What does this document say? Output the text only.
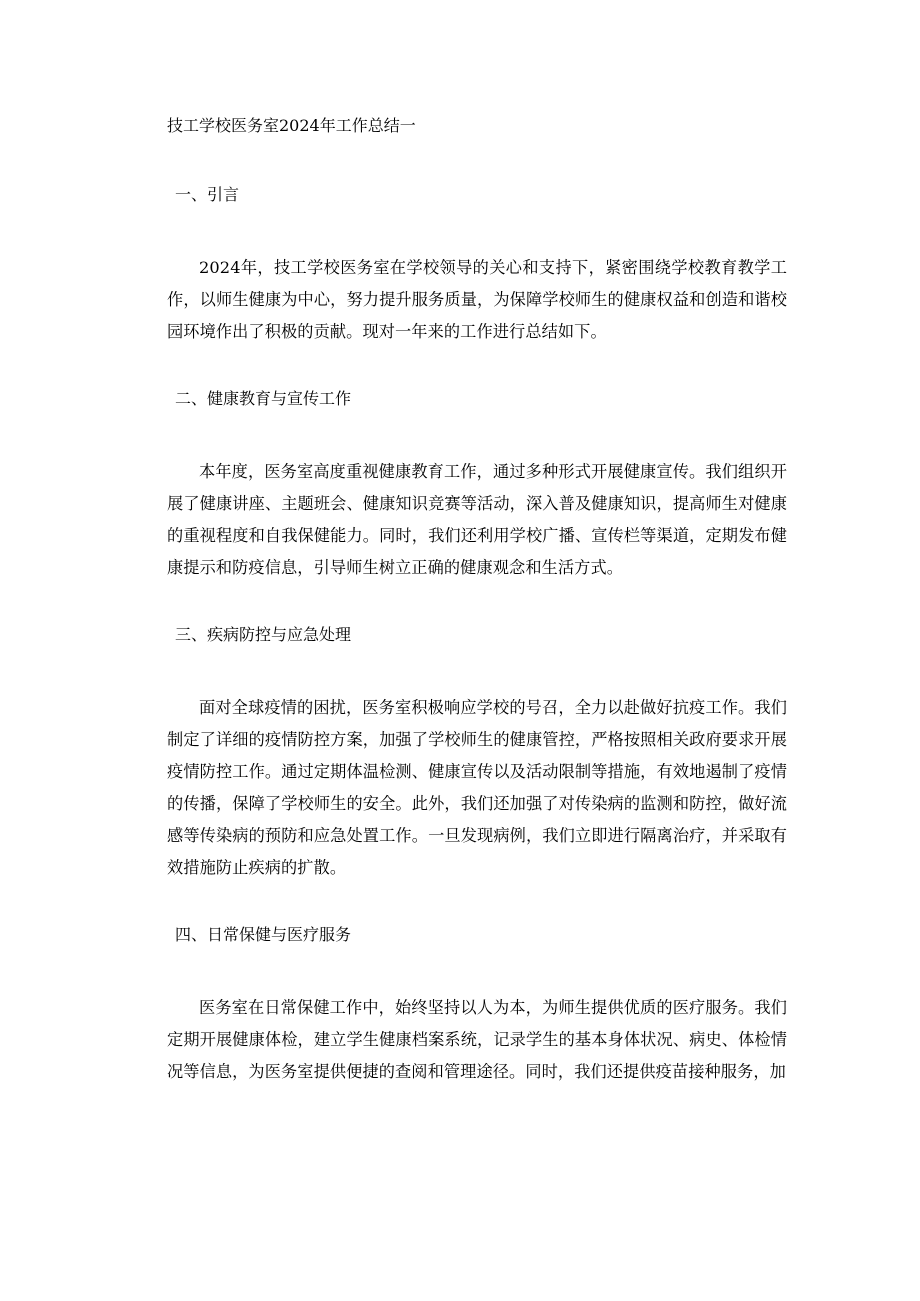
技工学校医务室2024年工作总结一

一、引言

2024年，技工学校医务室在学校领导的关心和支持下，紧密围绕学校教育教学工作，以师生健康为中心，努力提升服务质量，为保障学校师生的健康权益和创造和谐校园环境作出了积极的贡献。现对一年来的工作进行总结如下。

二、健康教育与宣传工作

本年度，医务室高度重视健康教育工作，通过多种形式开展健康宣传。我们组织开展了健康讲座、主题班会、健康知识竞赛等活动，深入普及健康知识，提高师生对健康的重视程度和自我保健能力。同时，我们还利用学校广播、宣传栏等渠道，定期发布健康提示和防疫信息，引导师生树立正确的健康观念和生活方式。

三、疾病防控与应急处理

面对全球疫情的困扰，医务室积极响应学校的号召，全力以赴做好抗疫工作。我们制定了详细的疫情防控方案，加强了学校师生的健康管控，严格按照相关政府要求开展疫情防控工作。通过定期体温检测、健康宣传以及活动限制等措施，有效地遏制了疫情的传播，保障了学校师生的安全。此外，我们还加强了对传染病的监测和防控，做好流感等传染病的预防和应急处置工作。一旦发现病例，我们立即进行隔离治疗，并采取有效措施防止疾病的扩散。

四、日常保健与医疗服务

医务室在日常保健工作中，始终坚持以人为本，为师生提供优质的医疗服务。我们定期开展健康体检，建立学生健康档案系统，记录学生的基本身体状况、病史、体检情况等信息，为医务室提供便捷的查阅和管理途径。同时，我们还提供疫苗接种服务，加
